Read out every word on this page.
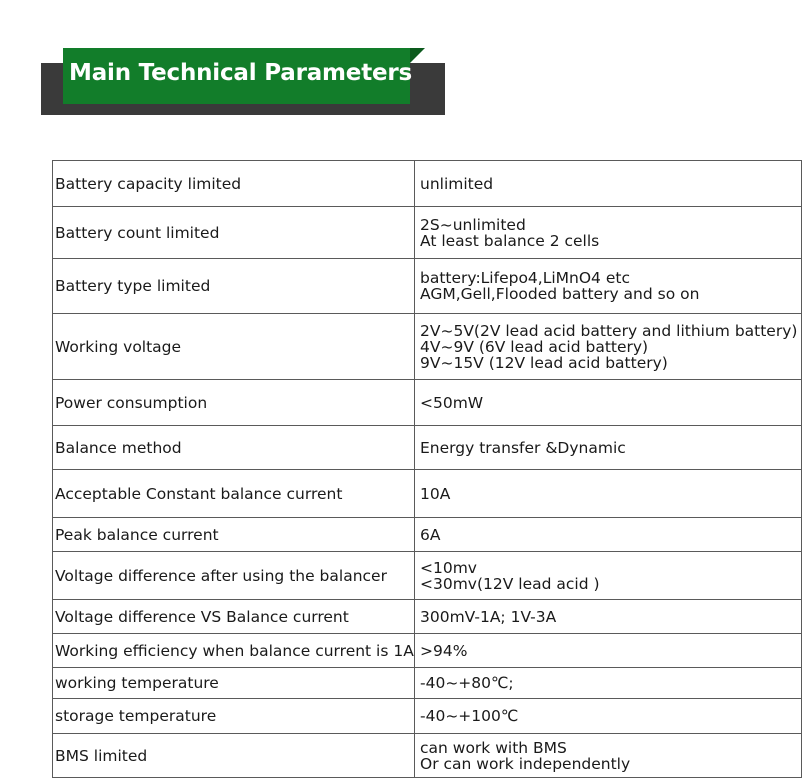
Main Technical Parameters
Battery capacity limited	unlimited

Battery count limited	2S~unlimited
At least balance 2 cells

Battery type limited	battery:Lifepo4,LiMnO4 etc
AGM,Gell,Flooded battery and so on

Working voltage	2V~5V(2V lead acid battery and lithium battery)
4V~9V (6V lead acid battery)
9V~15V (12V lead acid battery)

Power consumption	<50mW

Balance method	Energy transfer &Dynamic

Acceptable Constant balance current	10A

Peak balance current	6A

Voltage difference after using the balancer	<10mv
<30mv(12V lead acid )

Voltage difference VS Balance current	300mV-1A; 1V-3A

Working efficiency when balance current is 1A	>94%

working temperature	-40~+80℃;

storage temperature	-40~+100℃

BMS limited	can work with BMS
Or can work independently
